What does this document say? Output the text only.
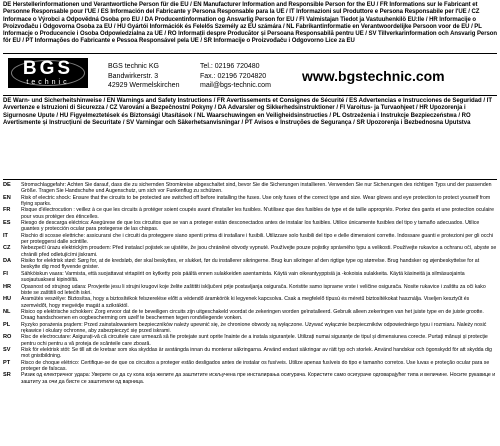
DE Herstellerinformationen und Verantwortliche Person für die EU / EN Manufacturer Information and Responsible Person for the EU / FR Informations sur le Fabricant et Personne Responsable pour l'UE / ES Información del Fabricante y Persona Responsable para la UE / IT Informazioni sul Produttore e Persona Responsabile per l'UE / CZ Informace o Výrobci a Odpovědná Osoba pro EU / DA Producentinformation og Ansvarlig Person for EU / FI Valmistajan Tiedot ja Vastuuhenkilö EU:lle / HR Informacije o Proizvođaču i Odgovorna Osoba za EU / HU Gyártói Információk és Felelős Személy az EU számára / NL Fabrikantinformatie en Verantwoordelijke Persoon voor de EU / PL Informacje o Producencie i Osoba Odpowiedzialna za UE / RO Informații despre Producător și Persoana Responsabilă pentru UE / SV Tillverkarinformation och Ansvarig Person för EU / PT Informações do Fabricante e Pessoa Responsável pela UE / SR Informacije o Proizvođaču i Odgovorno Lice za EU
BGS
technic
BGS technic KG
Bandwirkerstr. 3
42929 Wermelskirchen
Tel.: 02196 720480
Fax.: 02196 7204820
mail@bgs-technic.com
www.bgstechnic.com
DE Warn- und Sicherheitshinweise / EN Warnings and Safety Instructions / FR Avertissements et Consignes de Sécurité / ES Advertencias e Instrucciones de Seguridad / IT Avvertenze e Istruzioni di Sicurezza / CZ Varování a Bezpečnostní Pokyny / DA Advarsler og Sikkerhedsinstruktioner / FI Varoitus- ja Turvaohjeet / HR Upozorenja i Sigurnosne Upute / HU Figyelmeztetések és Biztonsági Utasítások / NL Waarschuwingen en Veiligheidsinstructies / PL Ostrzeżenia i Instrukcje Bezpieczeństwa / RO Avertismente și Instrucțiuni de Securitate / SV Varningar och Säkerhetsanvisningar / PT Avisos e Instruções de Segurança / SR Upozorenja i Bezbednosna Uputstva
DE	Stromschlaggefahr: Achten Sie darauf, dass die zu sichernden Stromkreise abgeschaltet sind, bevor Sie die Sicherungen installieren. Verwenden Sie nur Sicherungen des richtigen Typs und der passenden Größe. Tragen Sie Handschuhe und Augenschutz, um sich vor Funkenflug zu schützen.
EN	Risk of electric shock: Ensure that the circuits to be protected are switched off before installing the fuses. Use only fuses of the correct type and size. Wear gloves and eye protection to protect yourself from flying sparks.
FR	Risque d'électrocution : veillez à ce que les circuits à protéger soient coupés avant d'installer les fusibles. N'utilisez que des fusibles de type et de taille appropriés. Portez des gants et une protection oculaire pour vous protéger des étincelles.
ES	Riesgo de descarga eléctrica: Asegúrese de que los circuitos que se van a proteger están desconectados antes de instalar los fusibles. Utilice únicamente fusibles del tipo y tamaño adecuados. Utilice guantes y protección ocular para protegerse de las chispas.
IT	Rischio di scosse elettriche: assicurarsi che i circuiti da proteggere siano spenti prima di installare i fusibili. Utilizzare solo fusibili del tipo e delle dimensioni corrette. Indossare guanti e protezioni per gli occhi per proteggersi dalle scintille.
CZ	Nebezpečí úrazu elektrickým proudem: Před instalací pojistek se ujistěte, že jsou chráněné obvody vypnuté. Používejte pouze pojistky správného typu a velikosti. Používejte rukavice a ochranu očí, abyste se chránili před odletujícími jiskrami.
DA	Risiko for elektrisk stød: Sørg for, at de kredsløb, der skal beskyttes, er slukket, før du installerer sikringerne. Brug kun sikringer af den rigtige type og størrelse. Brug handsker og øjenbeskyttelse for at beskytte dig mod flyvende gnister.
FI	Sähköiskun vaara: Varmista, että suojattavat virtapiirit on kytketty pois päältä ennen sulakkeiden asentamista. Käytä vain oikeantyyppisiä ja -kokoisia sulakkeita. Käytä käsineitä ja silmäsuojainta suojautuaksesi kipinöiltä.
HR	Opasnost od strujnog udara: Provjerite jesu li strujni krugovi koje želite zaštititi isključeni prije postavljanja osigurača. Koristite samo ispravne vrste i veličine osigurača. Nosite rukavice i zaštitu za oči kako biste se zaštitili od letećih iskri.
HU	Áramütés veszélye: Biztosítsa, hogy a biztosítékok felszerelése előtt a védendő áramkörök ki legyenek kapcsolva. Csak a megfelelő típusú és méretű biztosítékokat használja. Viseljen kesztyűt és szemvédőt, hogy megvédje magát a szikráktól.
NL	Risico op elektrische schokken: Zorg ervoor dat de te beveiligen circuits zijn uitgeschakeld voordat de zekeringen worden geïnstalleerd. Gebruik alleen zekeringen van het juiste type en de juiste grootte. Draag handschoenen en oogbescherming om uzelf te beschermen tegen rondvliegende vonken.
PL	Ryzyko porażenia prądem: Przed zainstalowaniem bezpieczników należy upewnić się, że chronione obwody są wyłączone. Używać wyłącznie bezpieczników odpowiedniego typu i rozmiaru. Należy nosić rękawice i okulary ochronne, aby zabezpieczyć się przed iskrami.
RO	Risc de electrocutare: Asigurați-vă că circuitele care urmează să fie protejate sunt oprite înainte de a instala siguranțele. Utilizați numai siguranțe de tipul și dimensiunea corecte. Purtați mănuși și protecție pentru ochi pentru a vă proteja de scânteile care zboară.
SV	Risk för elektrisk stöt: Se till att de kretsar som ska skyddas är avstängda innan du monterar säkringarna. Använd endast säkringar av rätt typ och storlek. Använd handskar och ögonskydd för att skydda dig mot gnistbildning.
PT	Risco de choque elétrico: Certifique-se de que os circuitos a proteger estão desligados antes de instalar os fusíveis. Utilize apenas fusíveis do tipo e tamanho corretos. Use luvas e proteção ocular para se proteger de faíscas.
SR	Ризик од електричног удара: Уверите се да су кола која желите да заштитите искључена пре инсталирања осигурача. Користите само осигураче одговарајућег типа и величине. Носите рукавице и заштиту за очи да бисте се заштитили од варница.
